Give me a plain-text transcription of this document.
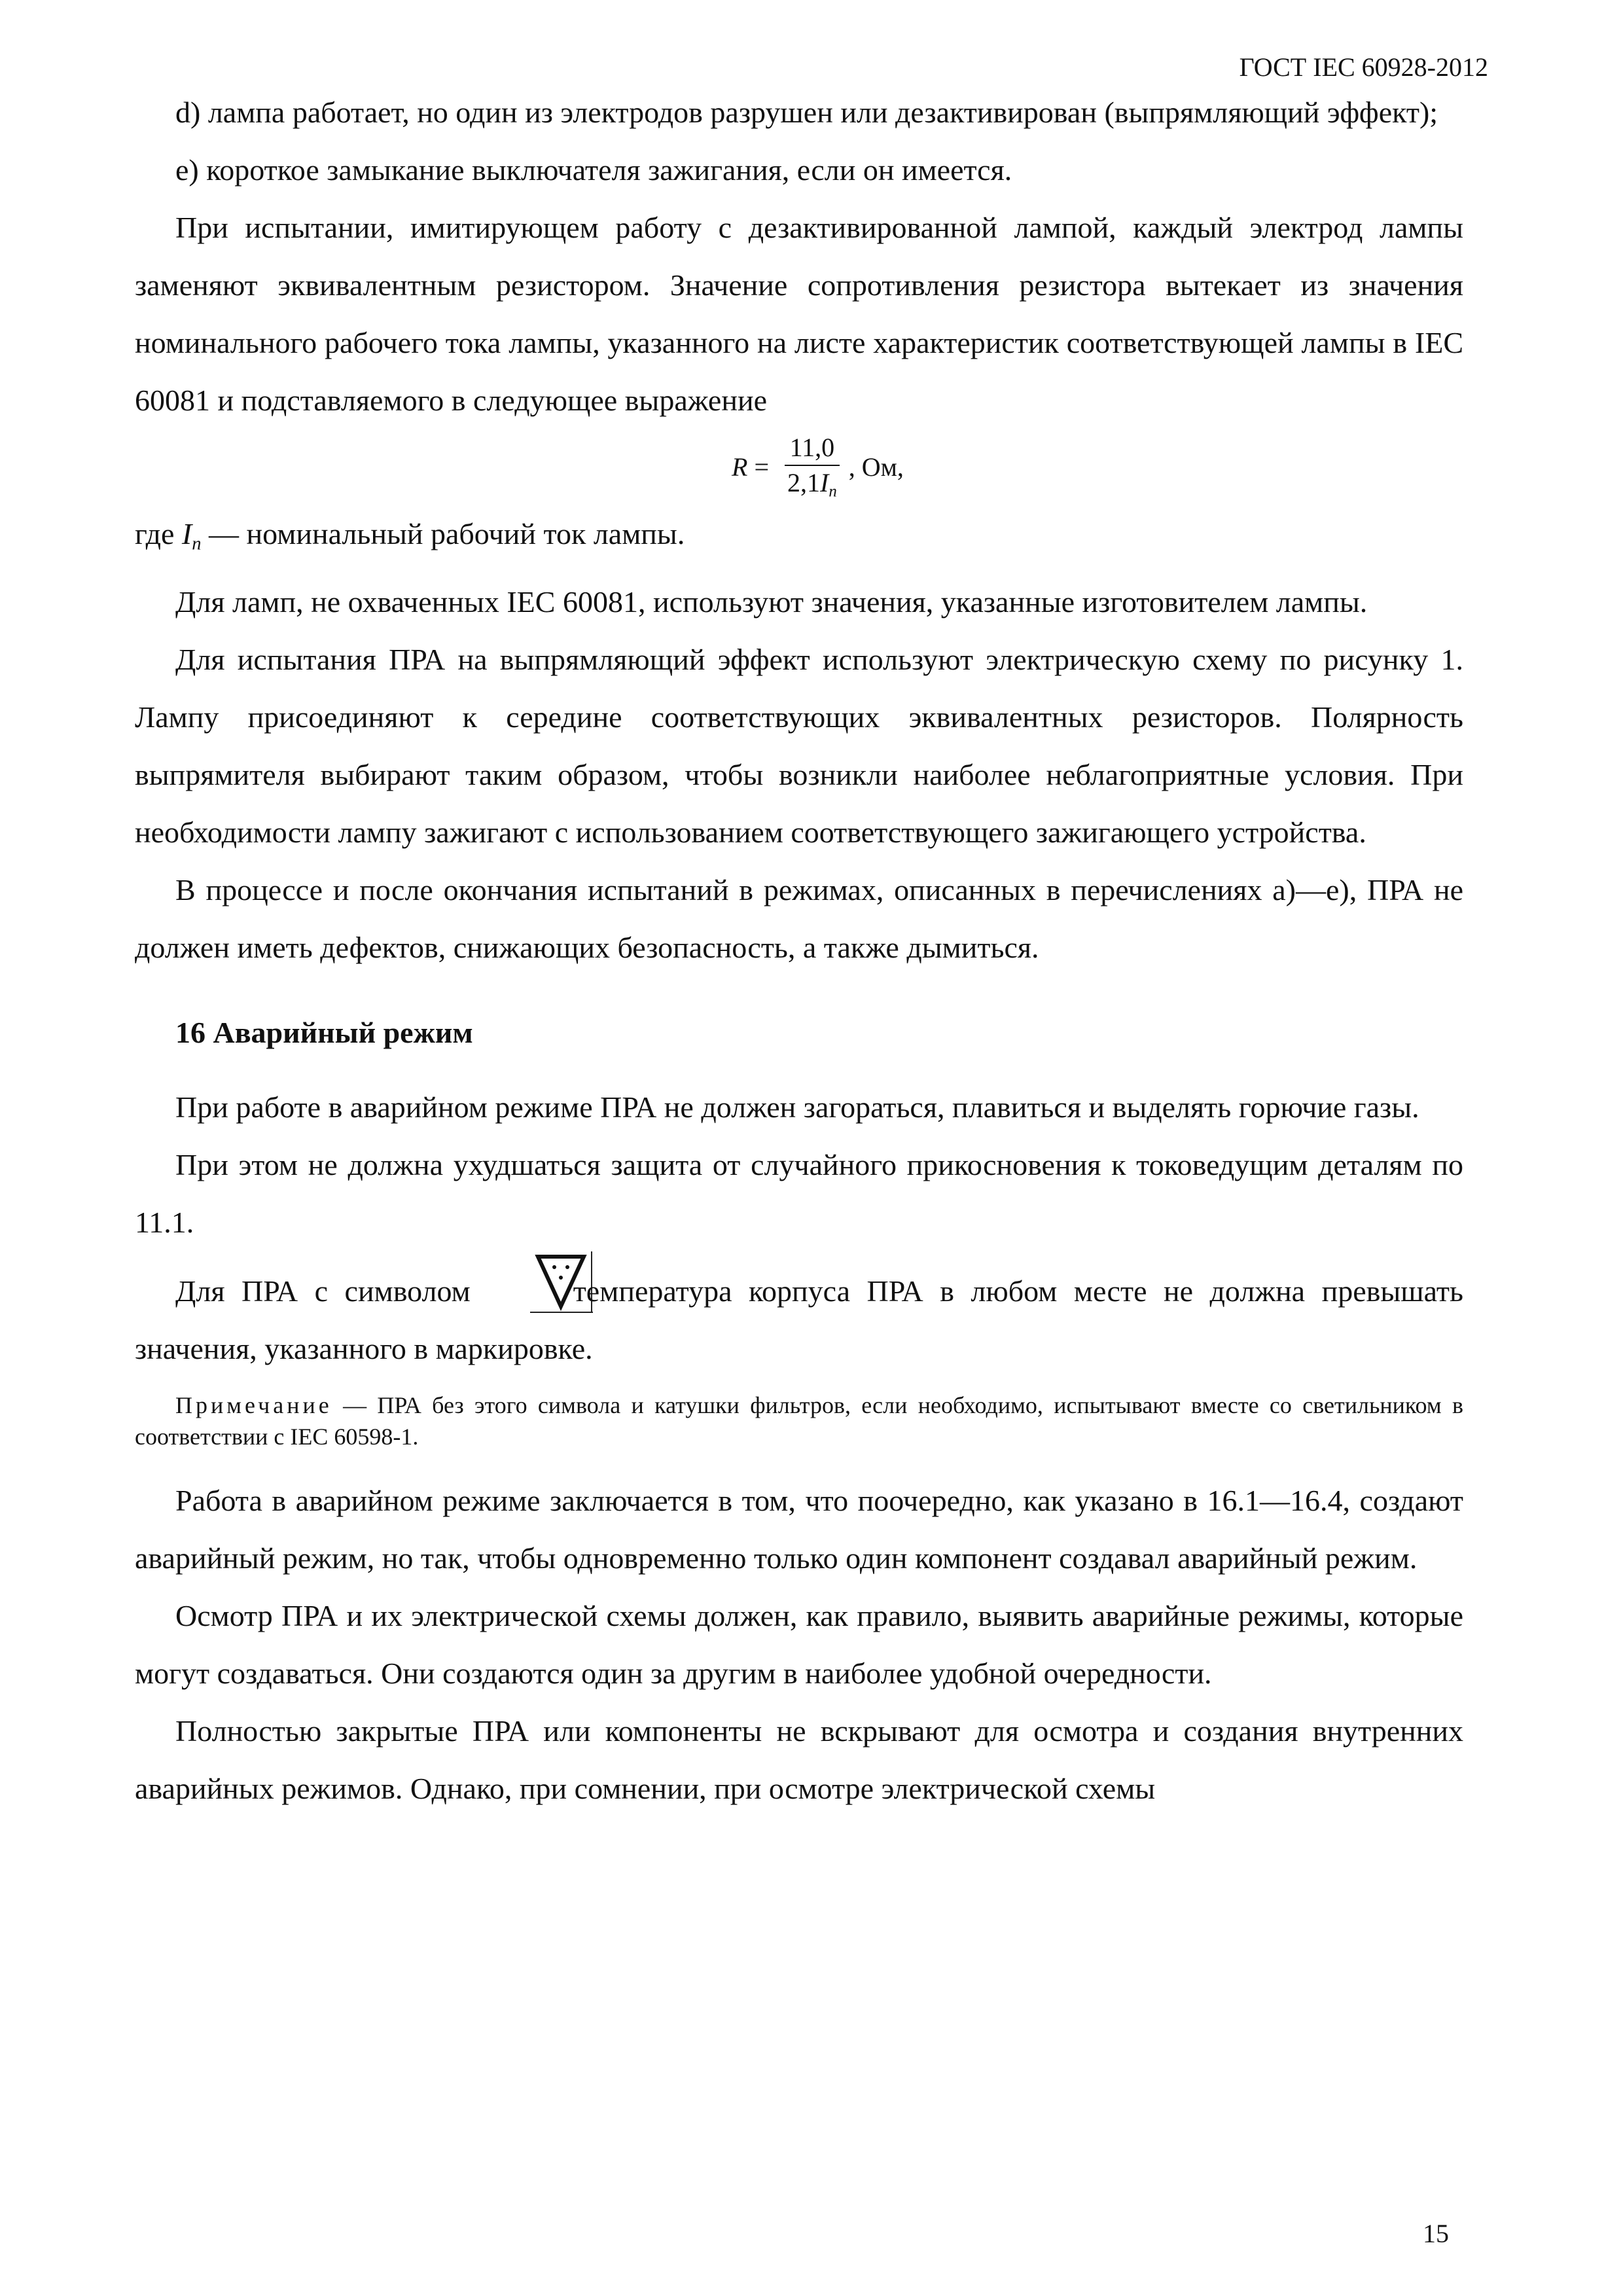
ГОСТ IEC 60928-2012

d) лампа работает, но один из электродов разрушен или дезактивирован (выпрямляющий эффект);

е) короткое замыкание выключателя зажигания, если он имеется.

При испытании, имитирующем работу с дезактивированной лампой, каждый электрод лампы заменяют эквивалентным резистором. Значение сопротивления резистора вытекает из значения номинального рабочего тока лампы, указанного на листе характеристик соответствующей лампы в IEC 60081 и подставляемого в следующее выражение

$R = \frac{11,0}{2,1I_n}$ , Ом,

где $I_n$ — номинальный рабочий ток лампы.

Для ламп, не охваченных IEC 60081, используют значения, указанные изготовителем лампы.

Для испытания ПРА на выпрямляющий эффект используют электрическую схему по рисунку 1. Лампу присоединяют к середине соответствующих эквивалентных резисторов. Полярность выпрямителя выбирают таким образом, чтобы возникли наиболее неблагоприятные условия. При необходимости лампу зажигают с использованием соответствующего зажигающего устройства.

В процессе и после окончания испытаний в режимах, описанных в перечислениях а)—е), ПРА не должен иметь дефектов, снижающих безопасность, а также дымиться.

16 Аварийный режим

При работе в аварийном режиме ПРА не должен загораться, плавиться и выделять горючие газы.

При этом не должна ухудшаться защита от случайного прикосновения к токоведущим деталям по 11.1.

Для ПРА с символом  температура корпуса ПРА в любом месте не должна превышать значения, указанного в маркировке.

Примечание — ПРА без этого символа и катушки фильтров, если необходимо, испытывают вместе со светильником в соответствии с IEC 60598-1.

Работа в аварийном режиме заключается в том, что поочередно, как указано в 16.1—16.4, создают аварийный режим, но так, чтобы одновременно только один компонент создавал аварийный режим.

Осмотр ПРА и их электрической схемы должен, как правило, выявить аварийные режимы, которые могут создаваться. Они создаются один за другим в наиболее удобной очередности.

Полностью закрытые ПРА или компоненты не вскрывают для осмотра и создания внутренних аварийных режимов. Однако, при сомнении, при осмотре электрической схемы

15
